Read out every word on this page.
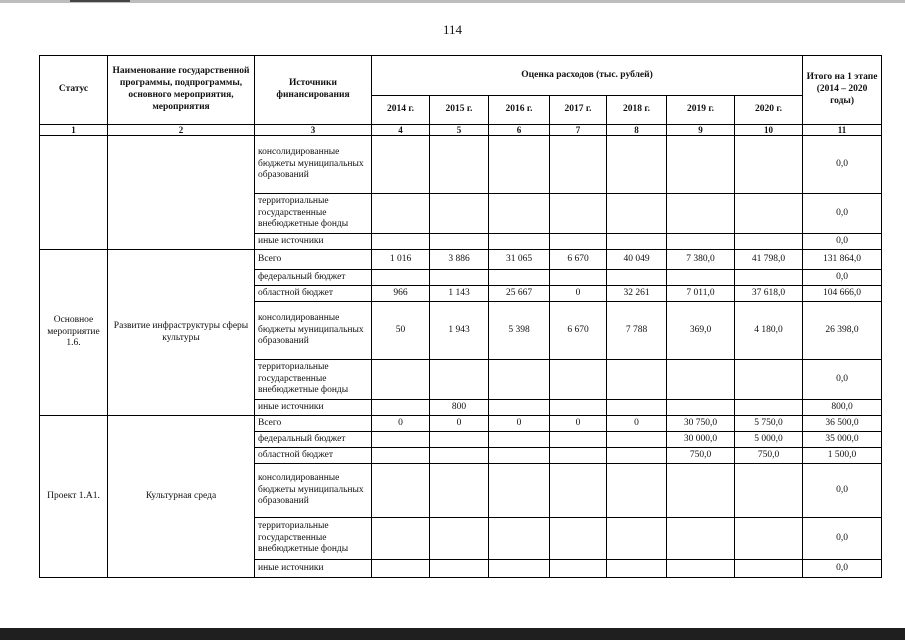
114
Статус	Наименование государственной программы, подпрограммы, основного мероприятия, мероприятия	Источники финансирования	Оценка расходов (тыс. рублей)							Итого на 1 этапе (2014 – 2020 годы)
			2014 г.	2015 г.	2016 г.	2017 г.	2018 г.	2019 г.	2020 г.	
1	2	3	4	5	6	7	8	9	10	11
		консолидированные бюджеты муниципальных образований								0,0
		территориальные государственные внебюджетные фонды								0,0
		иные источники								0,0
Основное мероприятие 1.6.	Развитие инфраструктуры сферы культуры	Всего	1 016	3 886	31 065	6 670	40 049	7 380,0	41 798,0	131 864,0
		федеральный бюджет								0,0
		областной бюджет	966	1 143	25 667	0	32 261	7 011,0	37 618,0	104 666,0
		консолидированные бюджеты муниципальных образований	50	1 943	5 398	6 670	7 788	369,0	4 180,0	26 398,0
		территориальные государственные внебюджетные фонды								0,0
		иные источники		800						800,0
Проект 1.А1.	Культурная среда	Всего	0	0	0	0	0	30 750,0	5 750,0	36 500,0
		федеральный бюджет						30 000,0	5 000,0	35 000,0
		областной бюджет						750,0	750,0	1 500,0
		консолидированные бюджеты муниципальных образований								0,0
		территориальные государственные внебюджетные фонды								0,0
		иные источники								0,0
